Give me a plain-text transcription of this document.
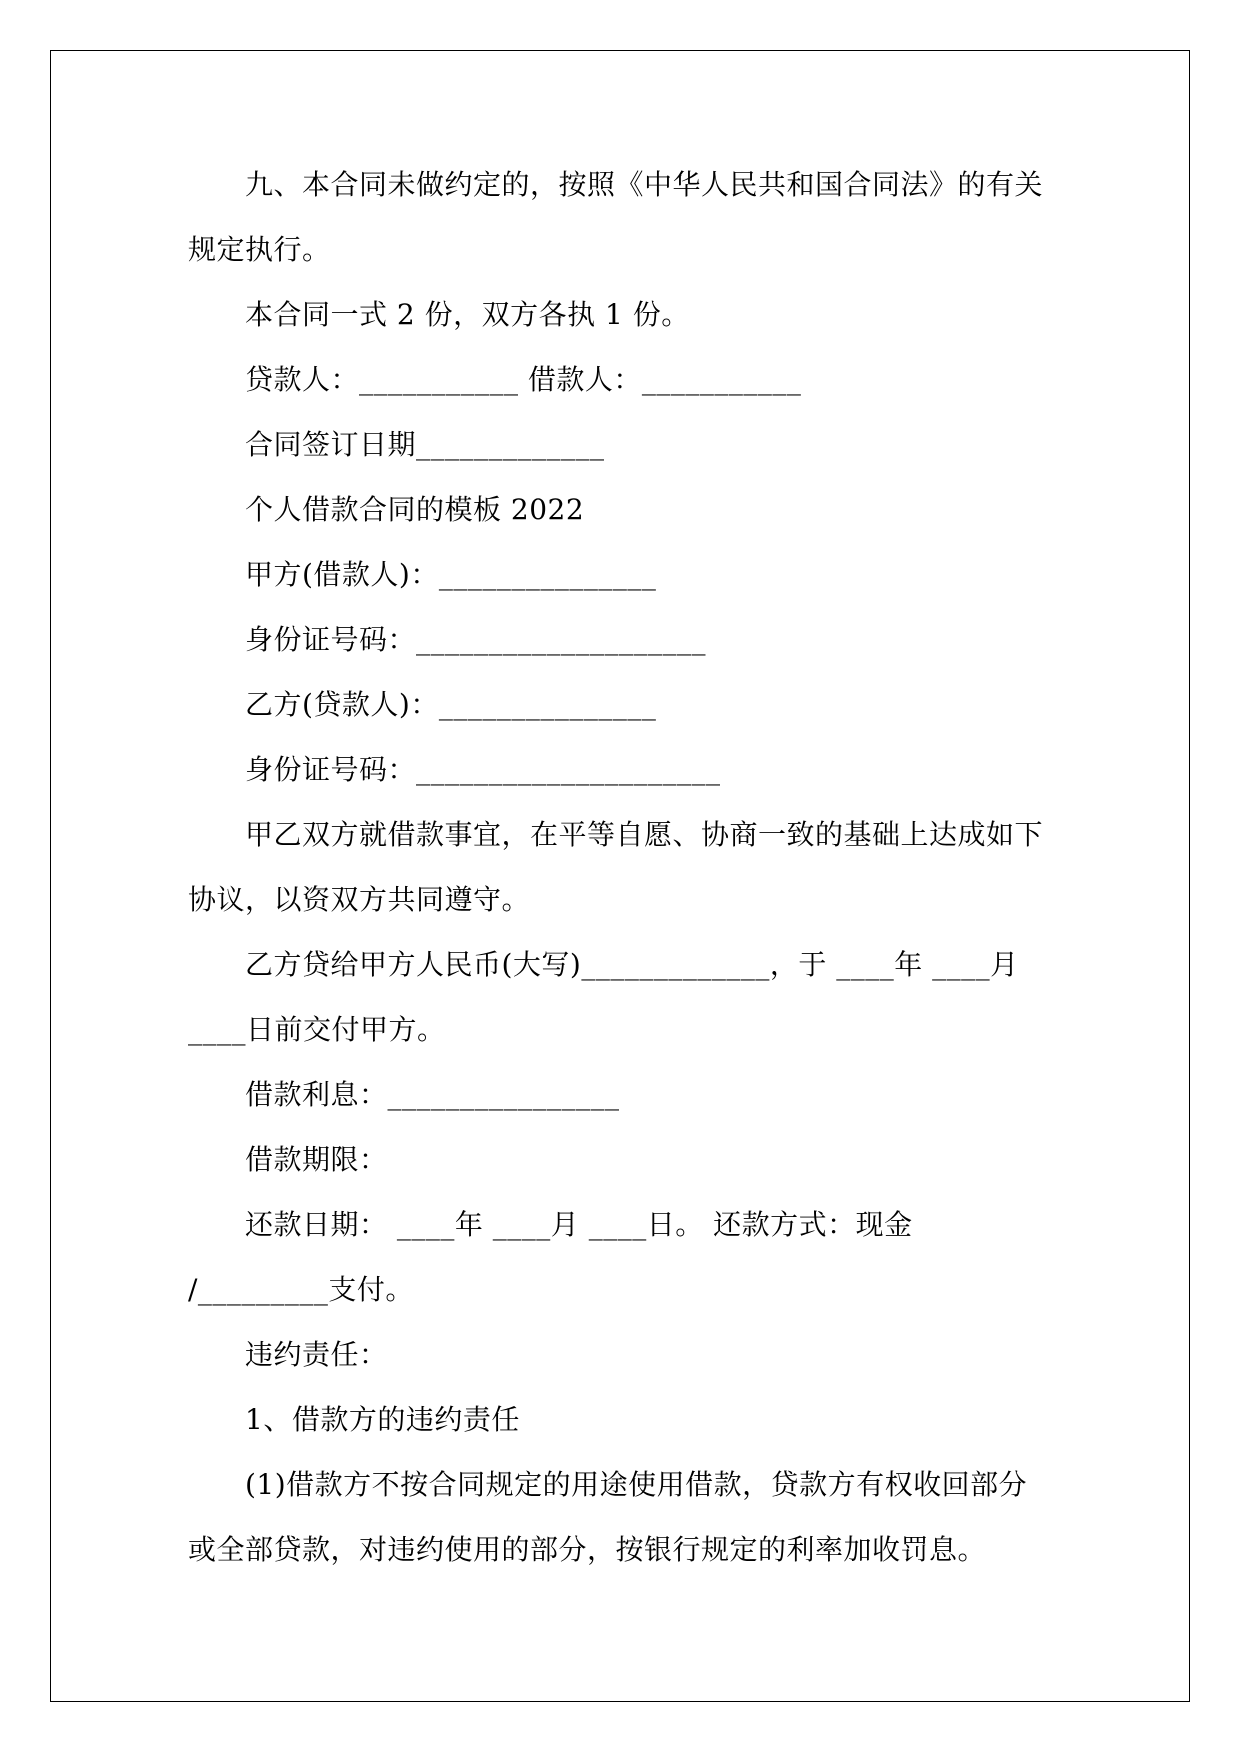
九、本合同未做约定的，按照《中华人民共和国合同法》的有关
规定执行。
本合同一式 2 份，双方各执 1 份。
贷款人：___________ 借款人：___________
合同签订日期_____________
个人借款合同的模板 2022
甲方(借款人)：_______________
身份证号码：____________________
乙方(贷款人)：_______________
身份证号码：_____________________
甲乙双方就借款事宜，在平等自愿、协商一致的基础上达成如下
协议，以资双方共同遵守。
乙方贷给甲方人民币(大写)_____________，于 ____年 ____月
____日前交付甲方。
借款利息：________________
借款期限：
还款日期： ____年 ____月 ____日。 还款方式：现金
/_________支付。
违约责任：
1、借款方的违约责任
(1)借款方不按合同规定的用途使用借款，贷款方有权收回部分
或全部贷款，对违约使用的部分，按银行规定的利率加收罚息。
